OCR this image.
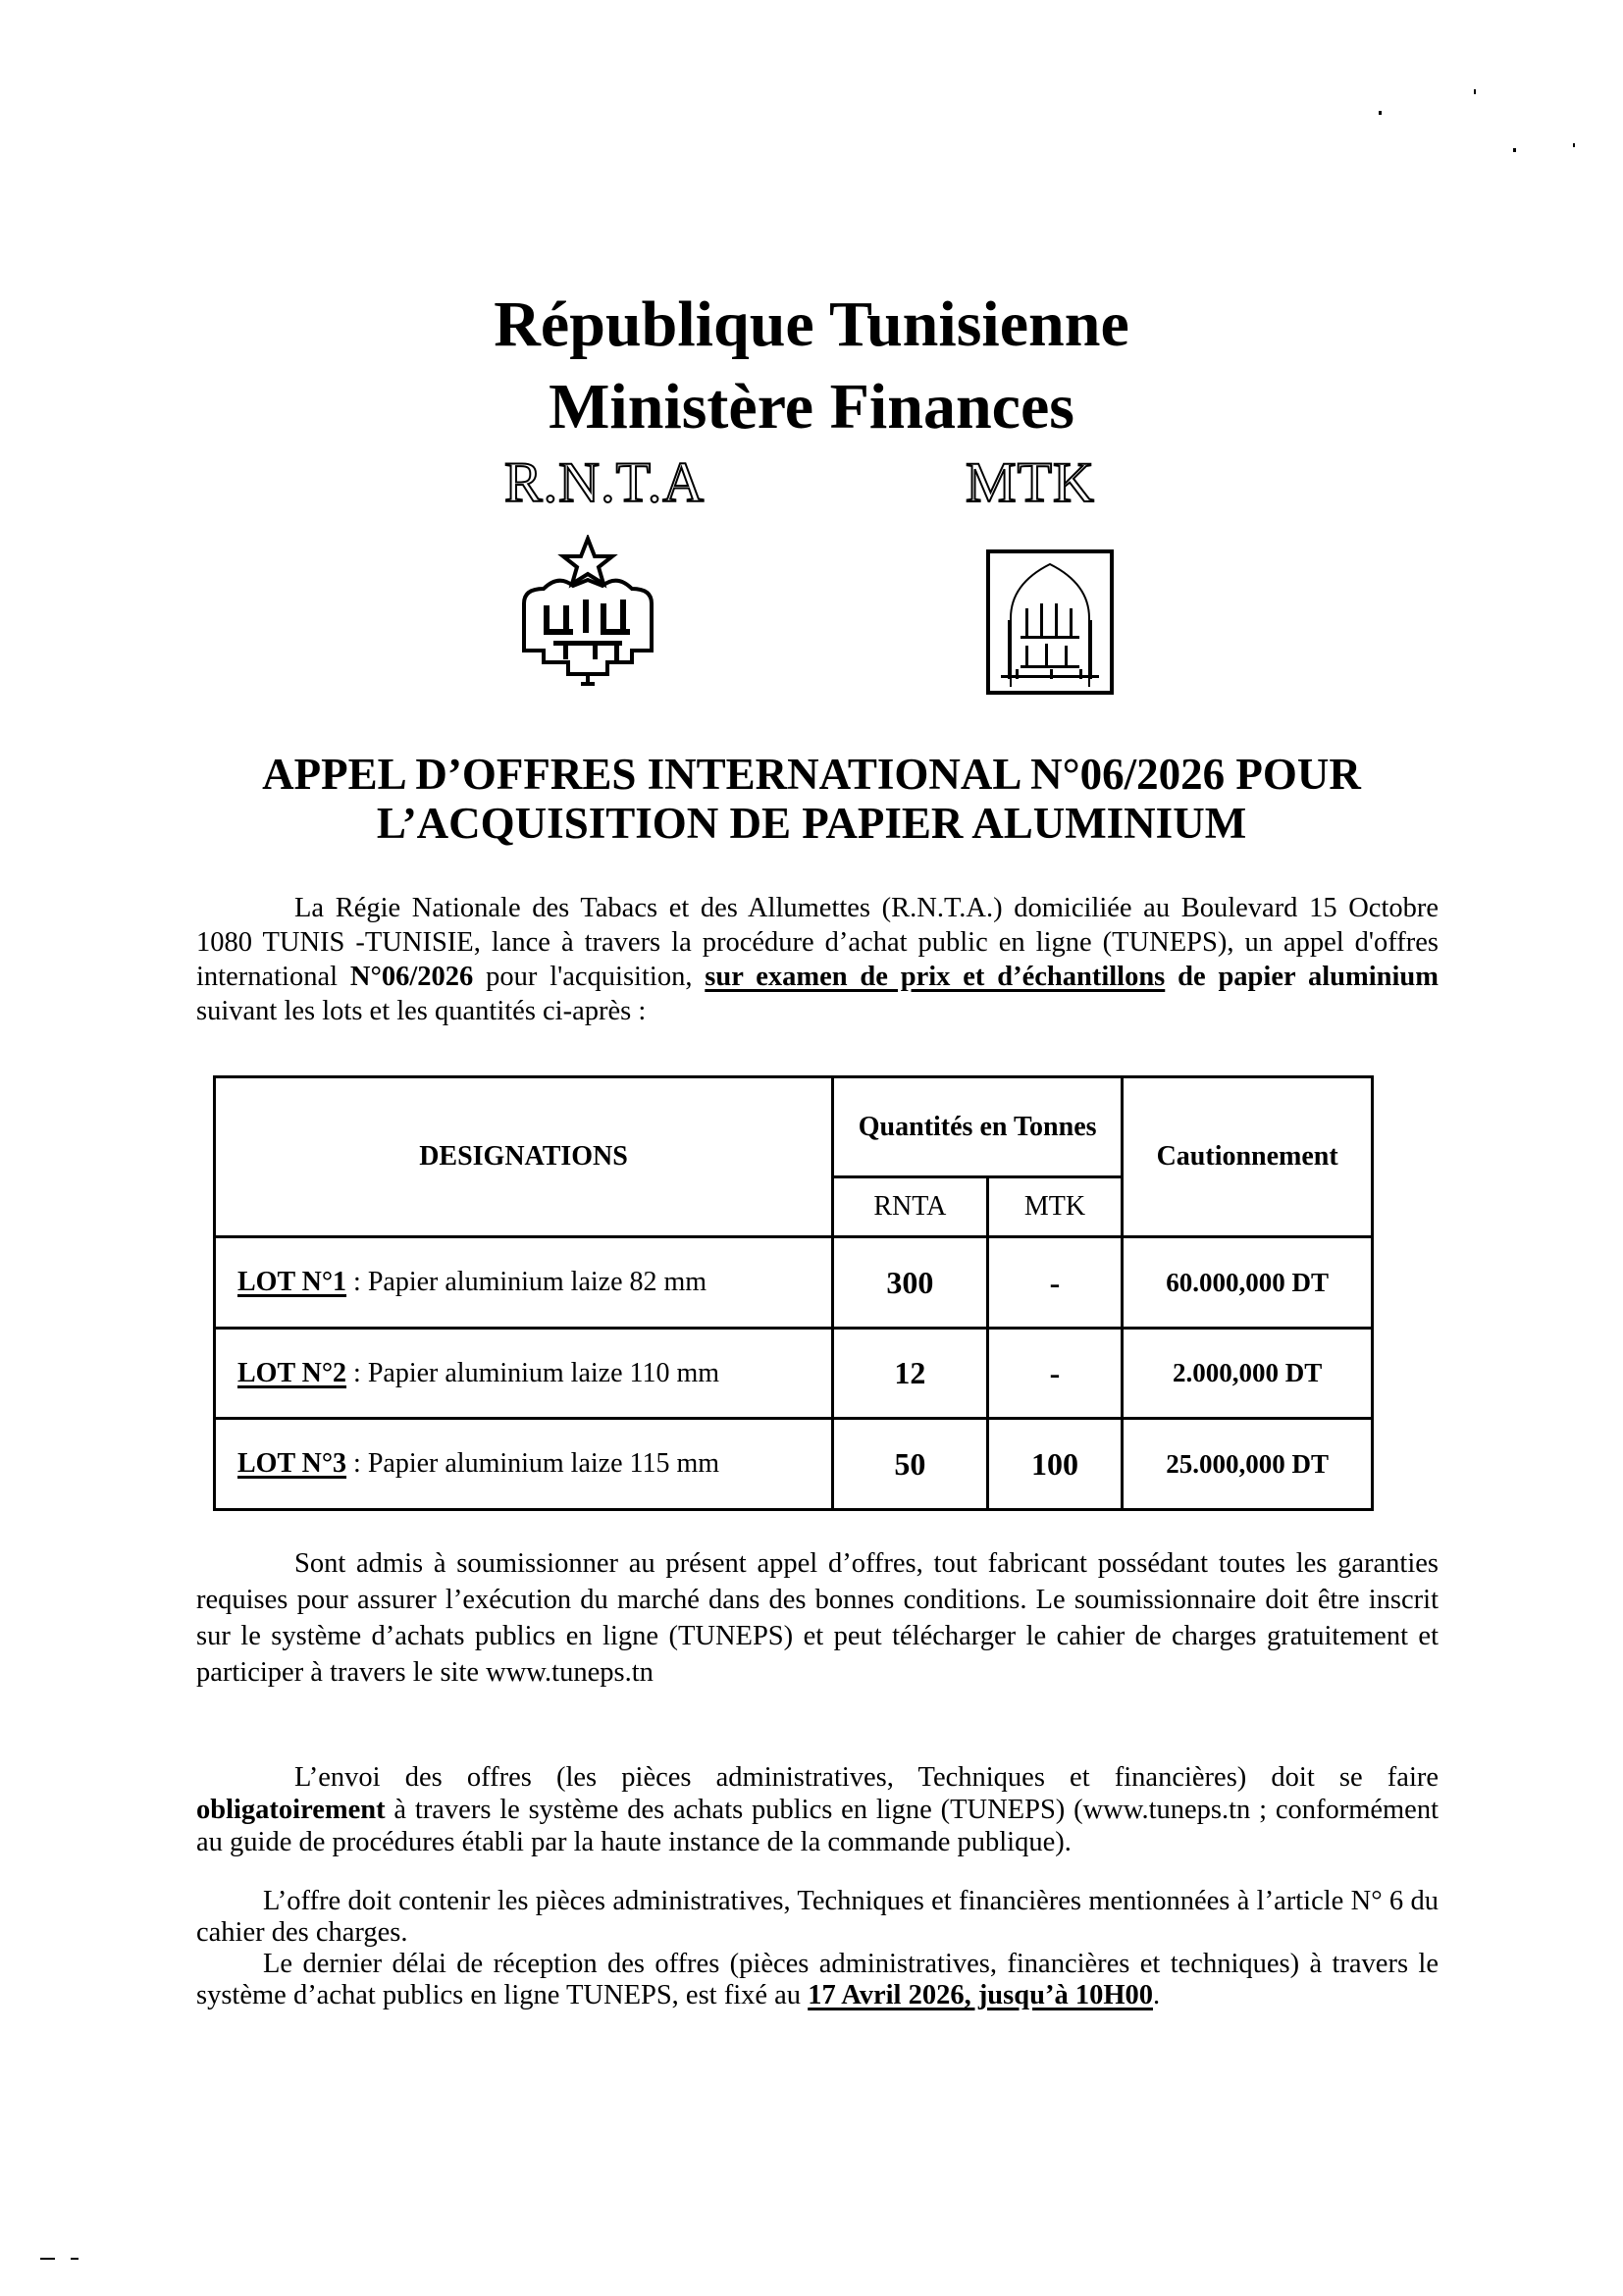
République Tunisienne
Ministère Finances
R.N.T.A	MTK
APPEL D’OFFRES INTERNATIONAL N°06/2026 POUR
L’ACQUISITION DE PAPIER ALUMINIUM
La Régie Nationale des Tabacs et des Allumettes (R.N.T.A.) domiciliée au Boulevard 15 Octobre 1080 TUNIS -TUNISIE, lance à travers la procédure d’achat public en ligne (TUNEPS), un appel d'offres international N°06/2026 pour l'acquisition, sur examen de prix et d’échantillons de papier aluminium suivant les lots et les quantités ci-après :
DESIGNATIONS	Quantités en Tonnes		Cautionnement
	RNTA	MTK	
LOT N°1 : Papier aluminium laize 82 mm	300	-	60.000,000 DT
LOT N°2 : Papier aluminium laize 110 mm	12	-	2.000,000 DT
LOT N°3 : Papier aluminium laize 115 mm	50	100	25.000,000 DT
Sont admis à soumissionner au présent appel d’offres, tout fabricant possédant toutes les garanties requises pour assurer l’exécution du marché dans des bonnes conditions. Le soumissionnaire doit être inscrit sur le système d’achats publics en ligne (TUNEPS) et peut télécharger le cahier de charges gratuitement et participer à travers le site www.tuneps.tn
L’envoi des offres (les pièces administratives, Techniques et financières) doit se faire obligatoirement à travers le système des achats publics en ligne (TUNEPS) (www.tuneps.tn ; conformément au guide de procédures établi par la haute instance de la commande publique).
L’offre doit contenir les pièces administratives, Techniques et financières mentionnées à l’article N° 6 du cahier des charges.
Le dernier délai de réception des offres (pièces administratives, financières et techniques) à travers le système d’achat publics en ligne TUNEPS, est fixé au 17 Avril 2026, jusqu’à 10H00.
